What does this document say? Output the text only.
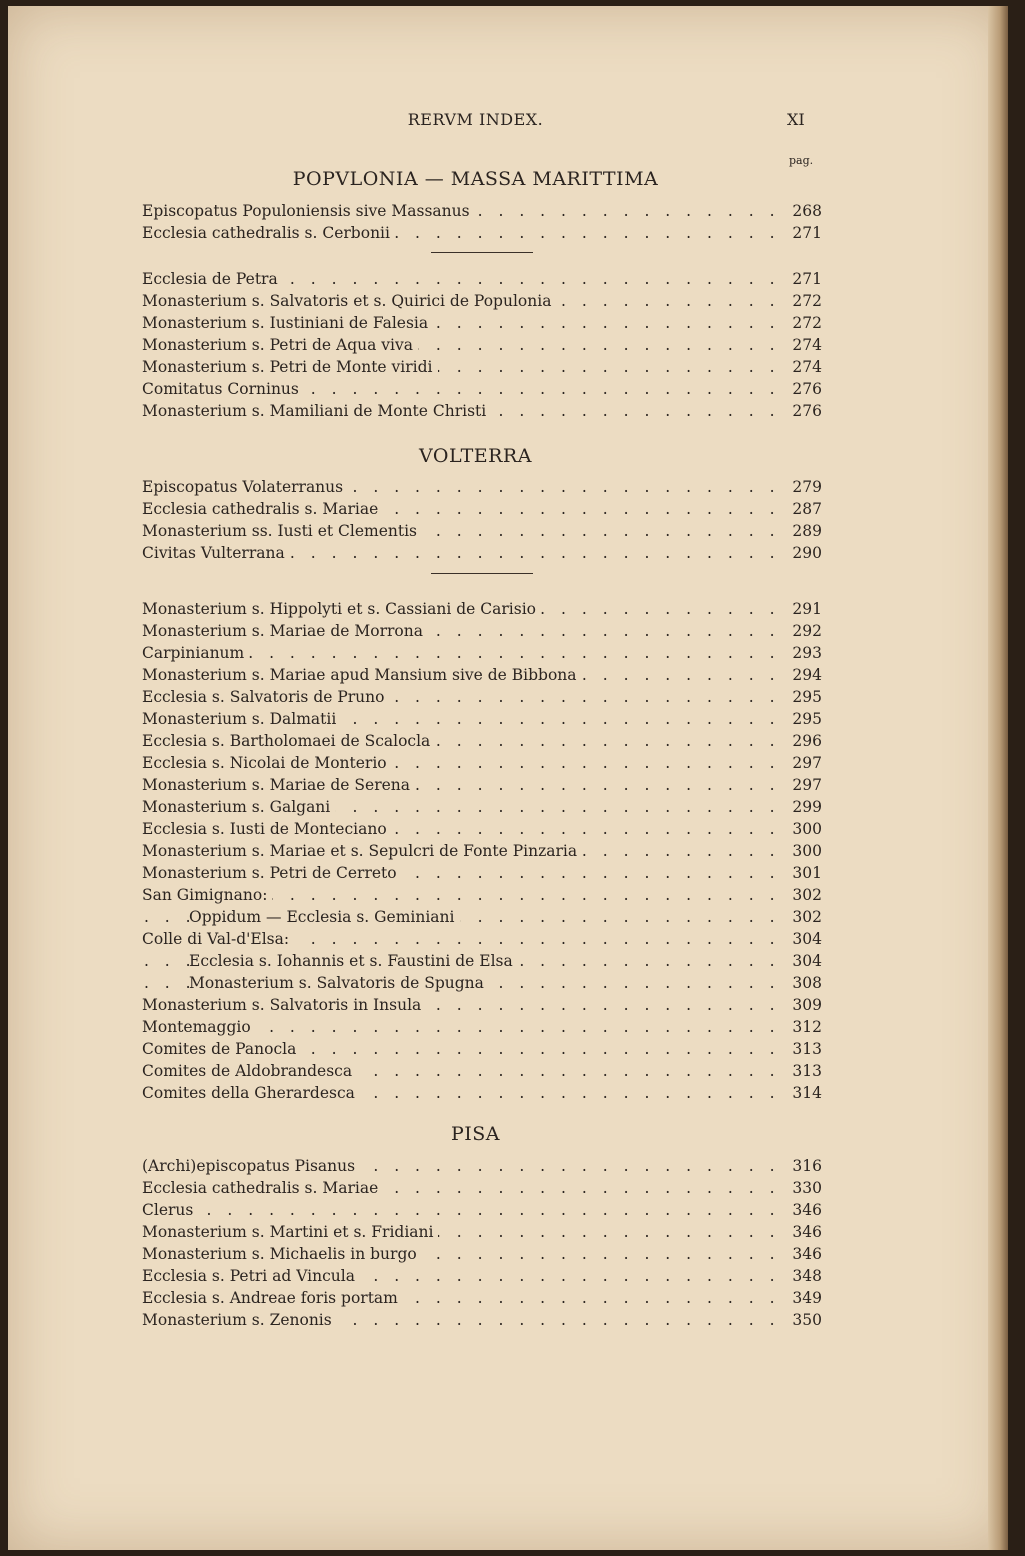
RERVM INDEX.	XI
pag.
POPVLONIA — MASSA MARITTIMA
. . .
Episcopatus Populoniensis sive Massanus	268
. . .
Ecclesia cathedralis s. Cerbonii	271
. . .
Ecclesia de Petra	271
. . .
Monasterium s. Salvatoris et s. Quirici de Populonia	272
. . .
Monasterium s. Iustiniani de Falesia	272
. . .
Monasterium s. Petri de Aqua viva	274
. . .
Monasterium s. Petri de Monte viridi	274
. . .
Comitatus Corninus	276
. . .
Monasterium s. Mamiliani de Monte Christi	276
VOLTERRA
. . .
Episcopatus Volaterranus	279
. . .
Ecclesia cathedralis s. Mariae	287
. . .
Monasterium ss. Iusti et Clementis	289
. . .
Civitas Vulterrana	290
. . .
Monasterium s. Hippolyti et s. Cassiani de Carisio	291
. . .
Monasterium s. Mariae de Morrona	292
. . .
Carpinianum	293
. . .
Monasterium s. Mariae apud Mansium sive de Bibbona	294
. . .
Ecclesia s. Salvatoris de Pruno	295
. . .
Monasterium s. Dalmatii	295
. . .
Ecclesia s. Bartholomaei de Scalocla	296
. . .
Ecclesia s. Nicolai de Monterio	297
. . .
Monasterium s. Mariae de Serena	297
. . .
Monasterium s. Galgani	299
. . .
Ecclesia s. Iusti de Monteciano	300
. . .
Monasterium s. Mariae et s. Sepulcri de Fonte Pinzaria	300
. . .
Monasterium s. Petri de Cerreto	301
. . .
San Gimignano:	302
. . .
Oppidum — Ecclesia s. Geminiani	302
. . .
Colle di Val-d'Elsa:	304
. . .
Ecclesia s. Iohannis et s. Faustini de Elsa	304
. . .
Monasterium s. Salvatoris de Spugna	308
. . .
Monasterium s. Salvatoris in Insula	309
. . .
Montemaggio	312
. . .
Comites de Panocla	313
. . .
Comites de Aldobrandesca	313
. . .
Comites della Gherardesca	314
PISA
. . .
(Archi)episcopatus Pisanus	316
. . .
Ecclesia cathedralis s. Mariae	330
. . .
Clerus	346
. . .
Monasterium s. Martini et s. Fridiani	346
. . .
Monasterium s. Michaelis in burgo	346
. . .
Ecclesia s. Petri ad Vincula	348
. . .
Ecclesia s. Andreae foris portam	349
. . .
Monasterium s. Zenonis	350
